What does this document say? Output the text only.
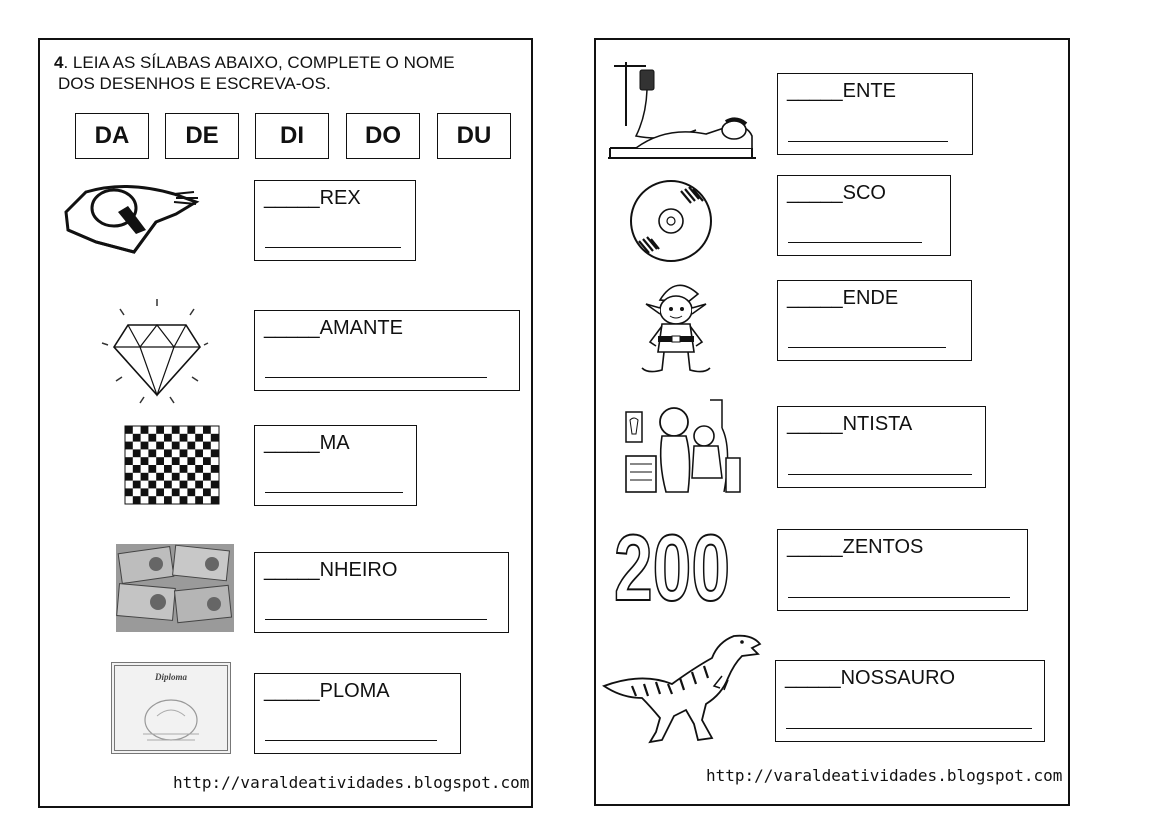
4. LEIA AS SÍLABAS ABAIXO, COMPLETE O NOME
DOS DESENHOS E ESCREVA-OS.
DA	DE	DI	DO	DU
_____REX
_____AMANTE
_____MA
_____NHEIRO
Diploma
_____PLOMA
http://varaldeatividades.blogspot.com
_____ENTE
_____SCO
_____ENDE
_____NTISTA
200	_____ZENTOS
_____NOSSAURO
http://varaldeatividades.blogspot.com
